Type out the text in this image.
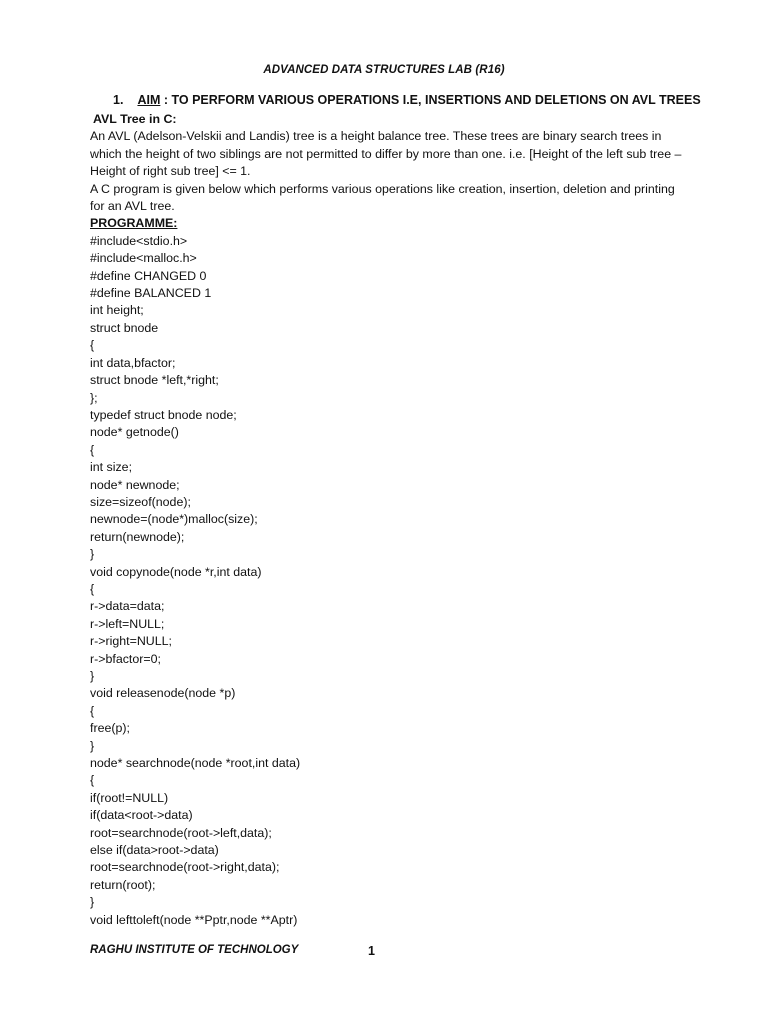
ADVANCED DATA STRUCTURES LAB (R16)
1. AIM : TO PERFORM VARIOUS OPERATIONS I.E, INSERTIONS AND DELETIONS ON AVL TREES

AVL Tree in C:

An AVL (Adelson-Velskii and Landis) tree is a height balance tree. These trees are binary search trees in which the height of two siblings are not permitted to differ by more than one. i.e. [Height of the left sub tree – Height of right sub tree] <= 1.

A C program is given below which performs various operations like creation, insertion, deletion and printing for an AVL tree.

PROGRAMME:

#include<stdio.h>

#include<malloc.h>

#define CHANGED 0

#define BALANCED 1

int height;

struct bnode

{

int data,bfactor;

struct bnode *left,*right;

};

typedef struct bnode node;

node* getnode()

{

int size;

node* newnode;

size=sizeof(node);

newnode=(node*)malloc(size);

return(newnode);

}

void copynode(node *r,int data)

{

r->data=data;

r->left=NULL;

r->right=NULL;

r->bfactor=0;

}

void releasenode(node *p)

{

free(p);

}

node* searchnode(node *root,int data)

{

if(root!=NULL)

if(data<root->data)

root=searchnode(root->left,data);

else if(data>root->data)

root=searchnode(root->right,data);

return(root);

}

void lefttoleft(node **Pptr,node **Aptr)

RAGHU INSTITUTE OF TECHNOLOGY	1
